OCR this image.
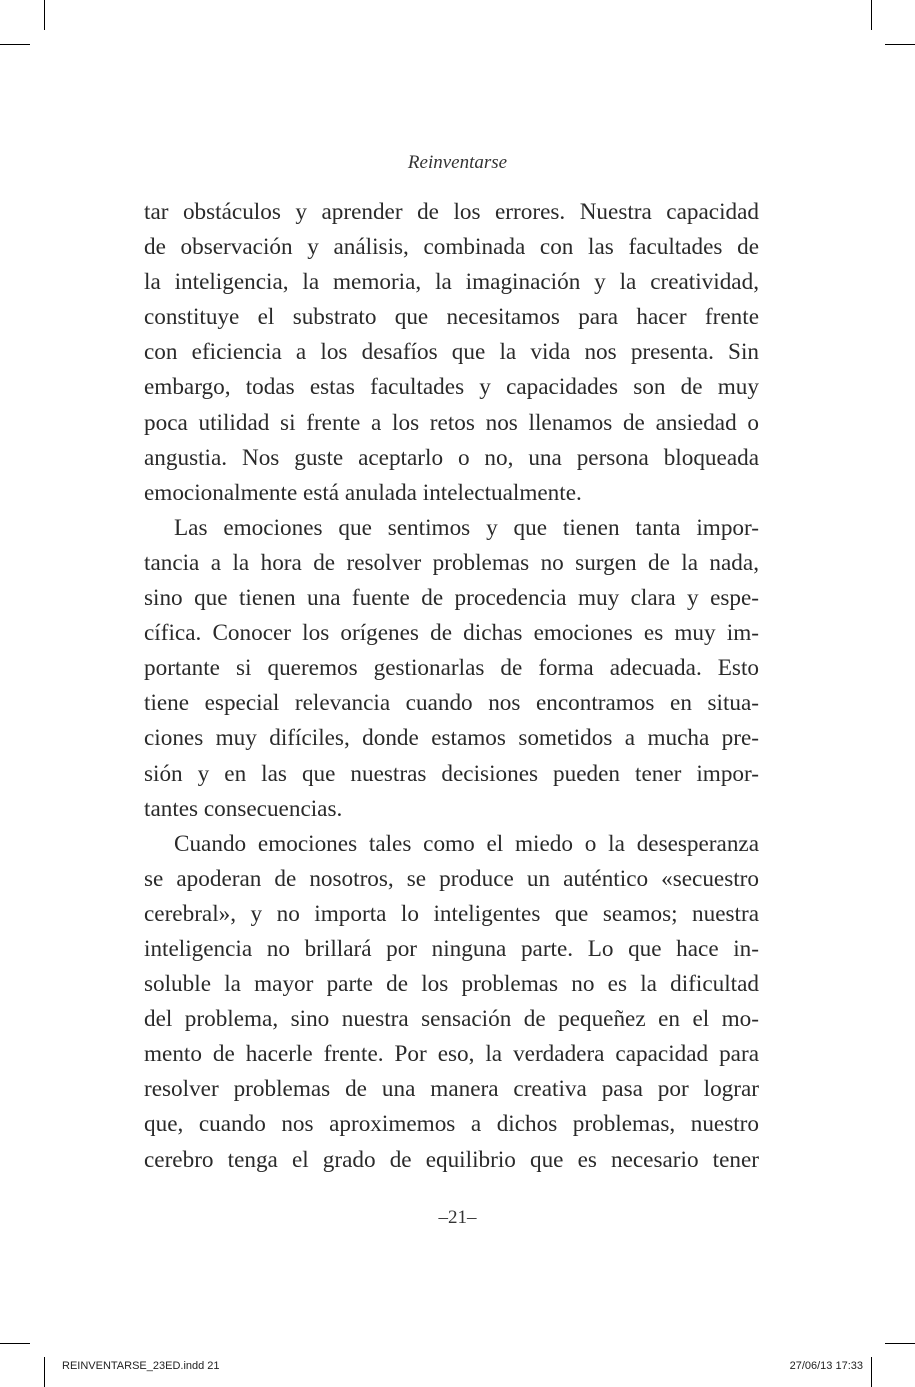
Reinventarse

tar obstáculos y aprender de los errores. Nuestra capacidad
de observación y análisis, combinada con las facultades de
la inteligencia, la memoria, la imaginación y la creatividad,
constituye el substrato que necesitamos para hacer frente
con eficiencia a los desafíos que la vida nos presenta. Sin
embargo, todas estas facultades y capacidades son de muy
poca utilidad si frente a los retos nos llenamos de ansiedad o
angustia. Nos guste aceptarlo o no, una persona bloqueada
emocionalmente está anulada intelectualmente.

Las emociones que sentimos y que tienen tanta impor-
tancia a la hora de resolver problemas no surgen de la nada,
sino que tienen una fuente de procedencia muy clara y espe-
cífica. Conocer los orígenes de dichas emociones es muy im-
portante si queremos gestionarlas de forma adecuada. Esto
tiene especial relevancia cuando nos encontramos en situa-
ciones muy difíciles, donde estamos sometidos a mucha pre-
sión y en las que nuestras decisiones pueden tener impor-
tantes consecuencias.

Cuando emociones tales como el miedo o la desesperanza
se apoderan de nosotros, se produce un auténtico «secuestro
cerebral», y no importa lo inteligentes que seamos; nuestra
inteligencia no brillará por ninguna parte. Lo que hace in-
soluble la mayor parte de los problemas no es la dificultad
del problema, sino nuestra sensación de pequeñez en el mo-
mento de hacerle frente. Por eso, la verdadera capacidad para
resolver problemas de una manera creativa pasa por lograr
que, cuando nos aproximemos a dichos problemas, nuestro
cerebro tenga el grado de equilibrio que es necesario tener

–21–
REINVENTARSE_23ED.indd 21	27/06/13 17:33
